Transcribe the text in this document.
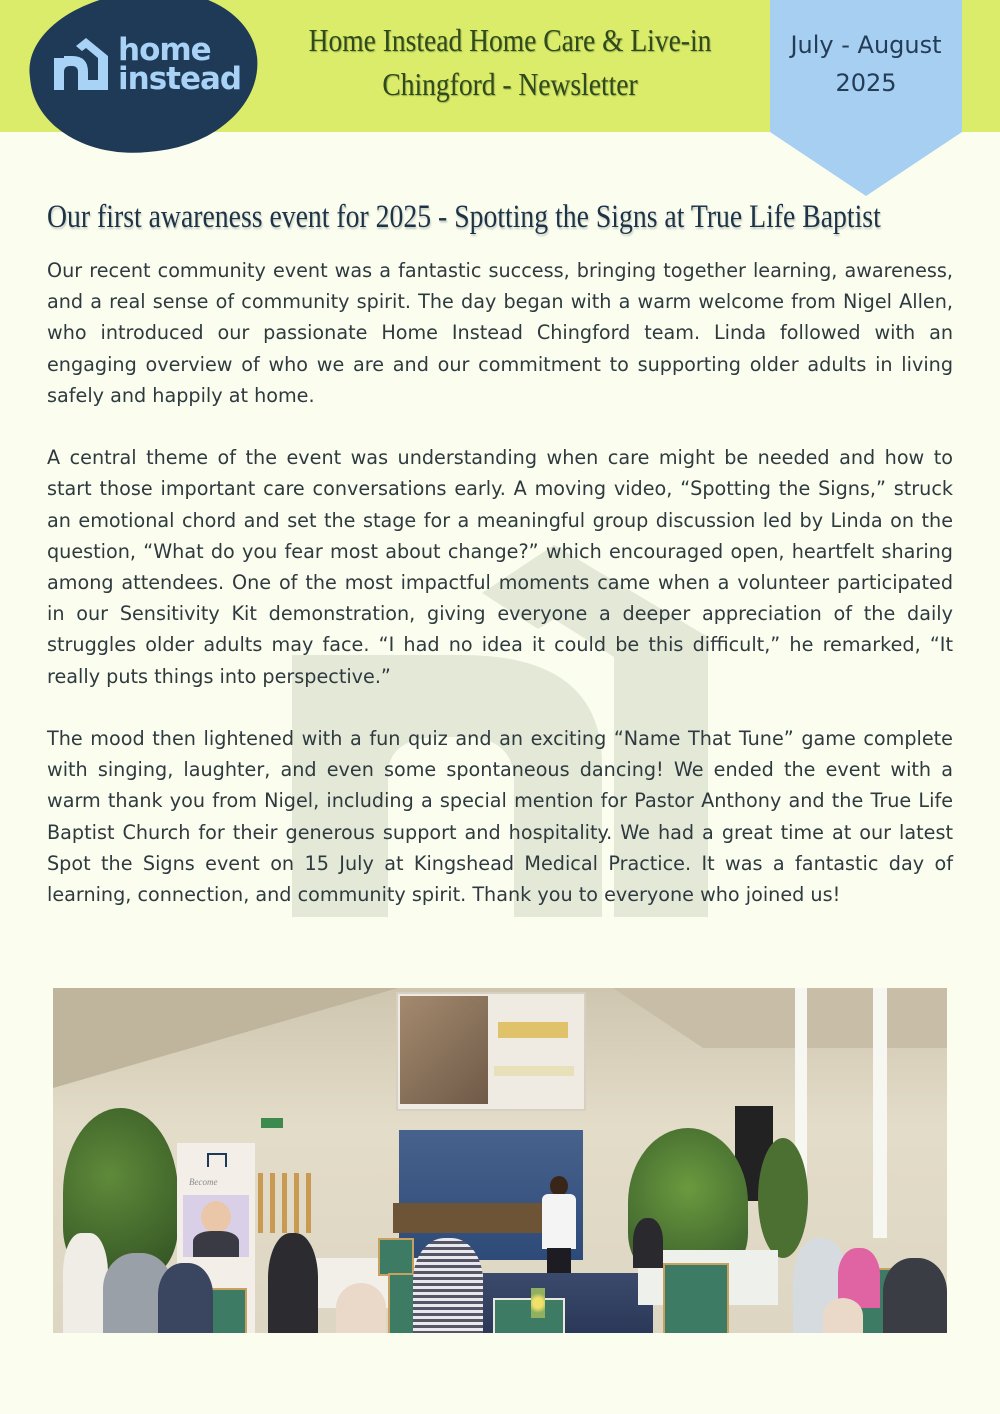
home
instead
Home Instead Home Care & Live-in
Chingford - Newsletter
July - August
2025
Our first awareness event for 2025 - Spotting the Signs at True Life Baptist

Our recent community event was a fantastic success, bringing together learning, awareness, and a real sense of community spirit. The day began with a warm welcome from Nigel Allen, who introduced our passionate Home Instead Chingford team. Linda followed with an engaging overview of who we are and our commitment to supporting older adults in living safely and happily at home.

A central theme of the event was understanding when care might be needed and how to start those important care conversations early. A moving video, “Spotting the Signs,” struck an emotional chord and set the stage for a meaningful group discussion led by Linda on the question, “What do you fear most about change?” which encouraged open, heartfelt sharing among attendees. One of the most impactful moments came when a volunteer participated in our Sensitivity Kit demonstration, giving everyone a deeper appreciation of the daily struggles older adults may face. “I had no idea it could be this difficult,” he remarked, “It really puts things into perspective.”

The mood then lightened with a fun quiz and an exciting “Name That Tune” game complete with singing, laughter, and even some spontaneous dancing! We ended the event with a warm thank you from Nigel, including a special mention for Pastor Anthony and the True Life Baptist Church for their generous support and hospitality. We had a great time at our latest Spot the Signs event on 15 July at Kingshead Medical Practice. It was a fantastic day of learning, connection, and community spirit. Thank you to everyone who joined us!

Become
